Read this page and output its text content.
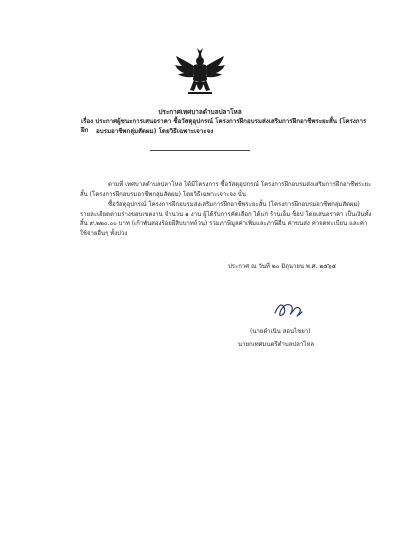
ประกาศเทศบาลตำบลปลาโหล
เรื่อง ประกาศผู้ชนะการเสนอราคา ซื้อวัสดุอุปกรณ์ โครงการฝึกอบรมส่งเสริมการฝึกอาชีพระยะสั้น (โครงการฝึก	อบรมอาชีพกลุ่มสัตผม) โดยวิธีเฉพาะเจาะจง
ตามที่ เทศบาลตำบลปลาโหล ได้มีโครงการ ซื้อวัสดุอุปกรณ์ โครงการฝึกอบรมส่งเสริมการฝึกอาชีพระยะ
สั้น (โครงการฝึกอบรมอาชีพกลุ่มสัตผม) โดยวิธีเฉพาะเจาะจง นั้น
ซื้อวัสดุอุปกรณ์ โครงการฝึกอบรมส่งเสริมการฝึกอาชีพระยะสั้น (โครงการฝึกอบรมอาชีพกลุ่มสัตผม)
รายละเอียดตามร่างขอบเขตงาน จำนวน ๑ งาน ผู้ได้รับการคัดเลือก ได้แก่ ร้านเอ็ม ช็อป โดยเสนอราคา เป็นเงินทั้ง
สิ้น ๙,๒๒๐.๐๐ บาท (เก้าพันสองร้อยยี่สิบบาทถ้วน) รวมภาษีมูลค่าเพิ่มและภาษีอื่น ค่าขนส่ง ค่าจดทะเบียน และค่า
ใช้จ่ายอื่นๆ ทั้งปวง
ประกาศ ณ วันที่ ๒๐ มิถุนายน พ.ศ. ๒๕๖๕
(นายดำเนิน สอนไชยา)
นายกเทศมนตรีตำบลปลาโหล
